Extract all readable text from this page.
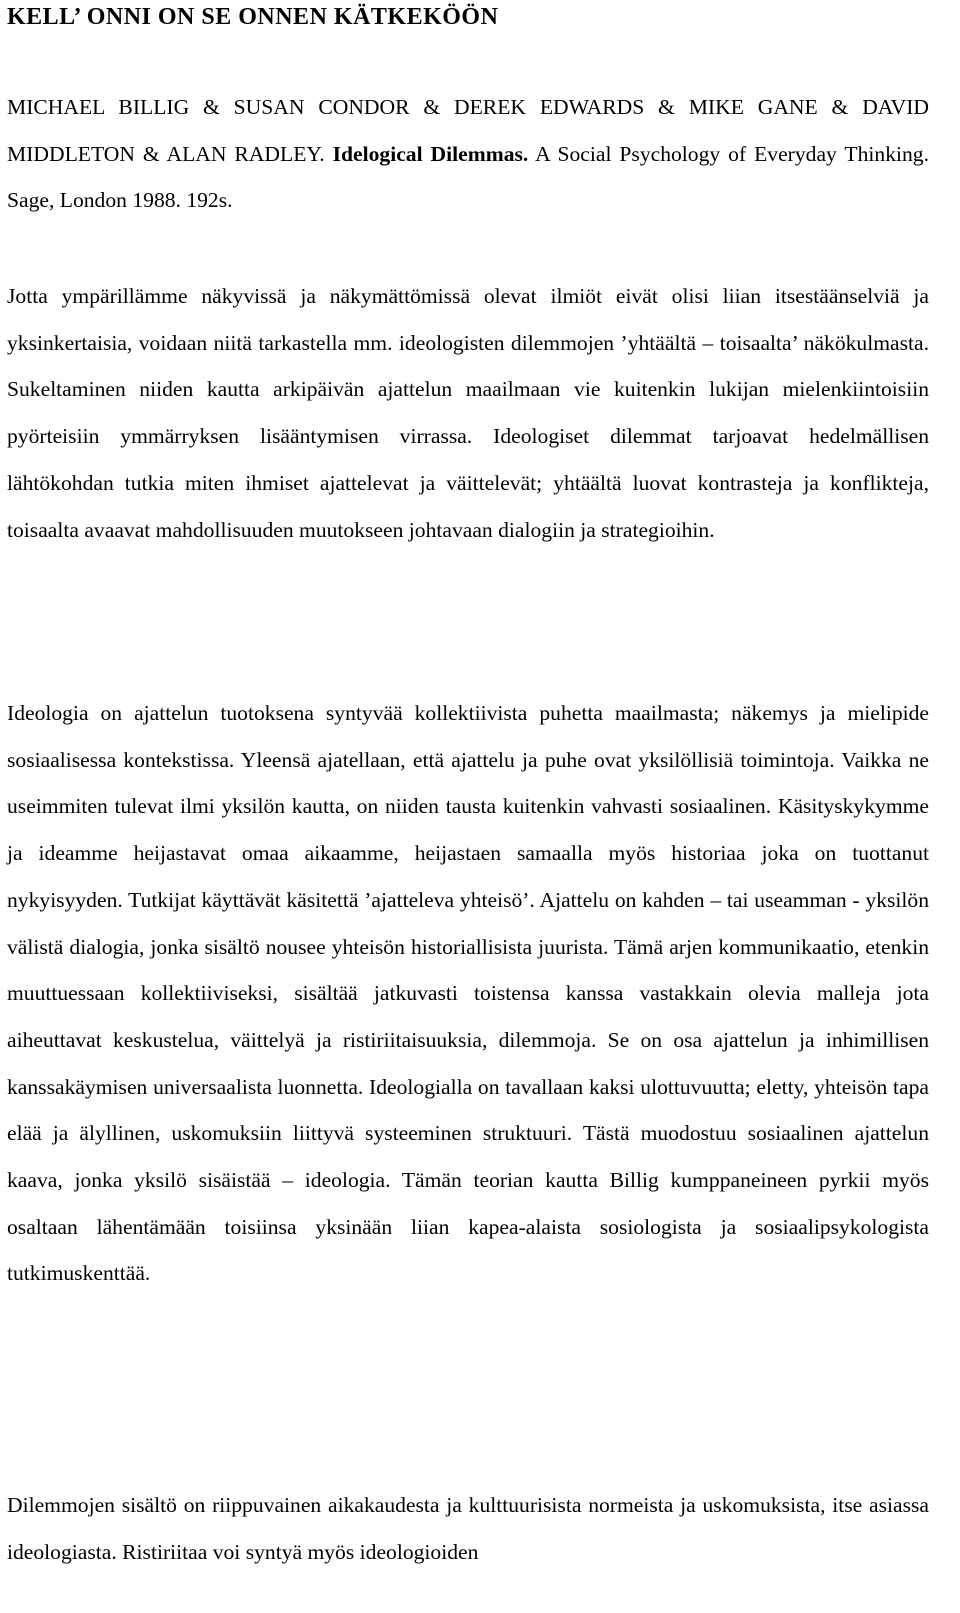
KELL’ ONNI ON SE ONNEN KÄTKEKÖÖN

MICHAEL BILLIG & SUSAN CONDOR & DEREK EDWARDS & MIKE GANE & DAVID MIDDLETON & ALAN RADLEY. Idelogical Dilemmas. A Social Psychology of Everyday Thinking. Sage, London 1988. 192s.

Jotta ympärillämme näkyvissä ja näkymättömissä olevat ilmiöt eivät olisi liian itsestäänselviä ja yksinkertaisia, voidaan niitä tarkastella mm. ideologisten dilemmojen ’yhtäältä – toisaalta’ näkökulmasta. Sukeltaminen niiden kautta arkipäivän ajattelun maailmaan vie kuitenkin lukijan mielenkiintoisiin pyörteisiin ymmärryksen lisääntymisen virrassa. Ideologiset dilemmat tarjoavat hedelmällisen lähtökohdan tutkia miten ihmiset ajattelevat ja väittelevät; yhtäältä luovat kontrasteja ja konflikteja, toisaalta avaavat mahdollisuuden muutokseen johtavaan dialogiin ja strategioihin.

Ideologia on ajattelun tuotoksena syntyvää kollektiivista puhetta maailmasta; näkemys ja mielipide sosiaalisessa kontekstissa. Yleensä ajatellaan, että ajattelu ja puhe ovat yksilöllisiä toimintoja. Vaikka ne useimmiten tulevat ilmi yksilön kautta, on niiden tausta kuitenkin vahvasti sosiaalinen. Käsityskykymme ja ideamme heijastavat omaa aikaamme, heijastaen samaalla myös historiaa joka on tuottanut nykyisyyden. Tutkijat käyttävät käsitettä ’ajatteleva yhteisö’. Ajattelu on kahden – tai useamman - yksilön välistä dialogia, jonka sisältö nousee yhteisön historiallisista juurista. Tämä arjen kommunikaatio, etenkin muuttuessaan kollektiiviseksi, sisältää jatkuvasti toistensa kanssa vastakkain olevia malleja jota aiheuttavat keskustelua, väittelyä ja ristiriitaisuuksia, dilemmoja. Se on osa ajattelun ja inhimillisen kanssakäymisen universaalista luonnetta. Ideologialla on tavallaan kaksi ulottuvuutta; eletty, yhteisön tapa elää ja älyllinen, uskomuksiin liittyvä systeeminen struktuuri. Tästä muodostuu sosiaalinen ajattelun kaava, jonka yksilö sisäistää – ideologia. Tämän teorian kautta Billig kumppaneineen pyrkii myös osaltaan lähentämään toisiinsa yksinään liian kapea-alaista sosiologista ja sosiaalipsykologista tutkimuskenttää.

Dilemmojen sisältö on riippuvainen aikakaudesta ja kulttuurisista normeista ja uskomuksista, itse asiassa ideologiasta. Ristiriitaa voi syntyä myös ideologioiden
